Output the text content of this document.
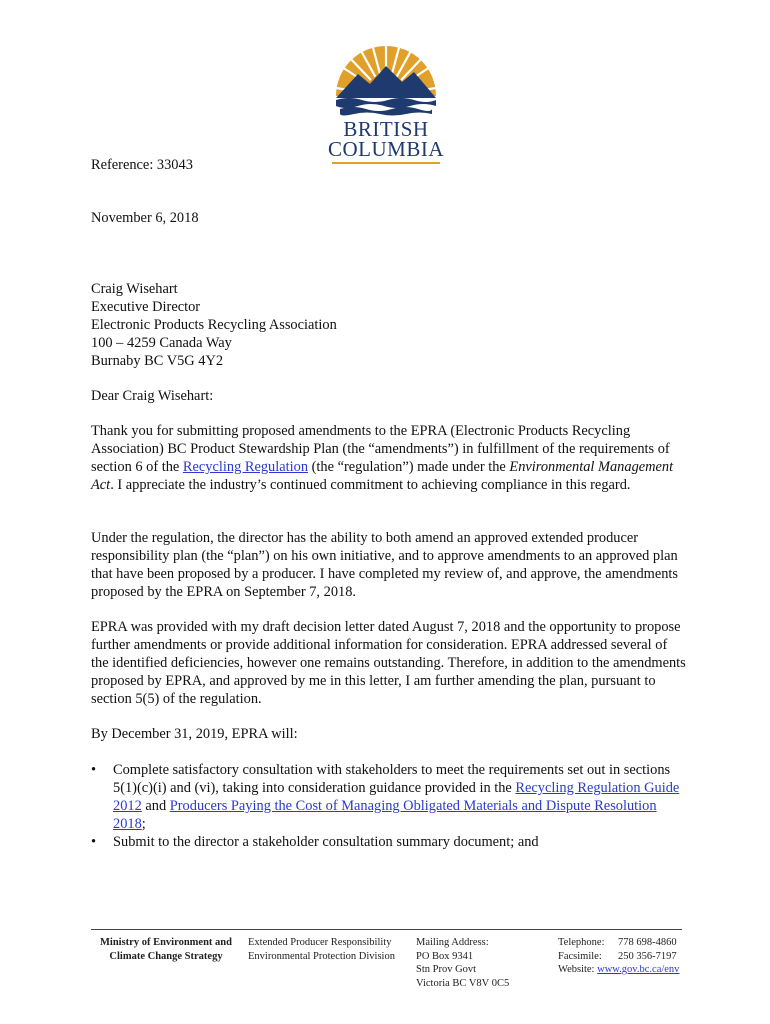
BRITISH
COLUMBIA
Reference: 33043
November 6, 2018
Craig Wisehart
Executive Director
Electronic Products Recycling Association
100 – 4259 Canada Way
Burnaby BC V5G 4Y2
Dear Craig Wisehart:
Thank you for submitting proposed amendments to the EPRA (Electronic Products Recycling Association) BC Product Stewardship Plan (the “amendments”) in fulfillment of the requirements of section 6 of the Recycling Regulation (the “regulation”) made under the Environmental Management Act. I appreciate the industry’s continued commitment to achieving compliance in this regard.
Under the regulation, the director has the ability to both amend an approved extended producer responsibility plan (the “plan”) on his own initiative, and to approve amendments to an approved plan that have been proposed by a producer. I have completed my review of, and approve, the amendments proposed by the EPRA on September 7, 2018.
EPRA was provided with my draft decision letter dated August 7, 2018 and the opportunity to propose further amendments or provide additional information for consideration. EPRA addressed several of the identified deficiencies, however one remains outstanding. Therefore, in addition to the amendments proposed by EPRA, and approved by me in this letter, I am further amending the plan, pursuant to section 5(5) of the regulation.
By December 31, 2019, EPRA will:
• Complete satisfactory consultation with stakeholders to meet the requirements set out in sections 5(1)(c)(i) and (vi), taking into consideration guidance provided in the Recycling Regulation Guide 2012 and Producers Paying the Cost of Managing Obligated Materials and Dispute Resolution 2018;
• Submit to the director a stakeholder consultation summary document; and
Ministry of Environment and
Climate Change Strategy
Extended Producer Responsibility
Environmental Protection Division
Mailing Address:
PO Box 9341
Stn Prov Govt
Victoria BC V8V 0C5
Telephone: 778 698-4860
Facsimile: 250 356-7197
Website: www.gov.bc.ca/env
